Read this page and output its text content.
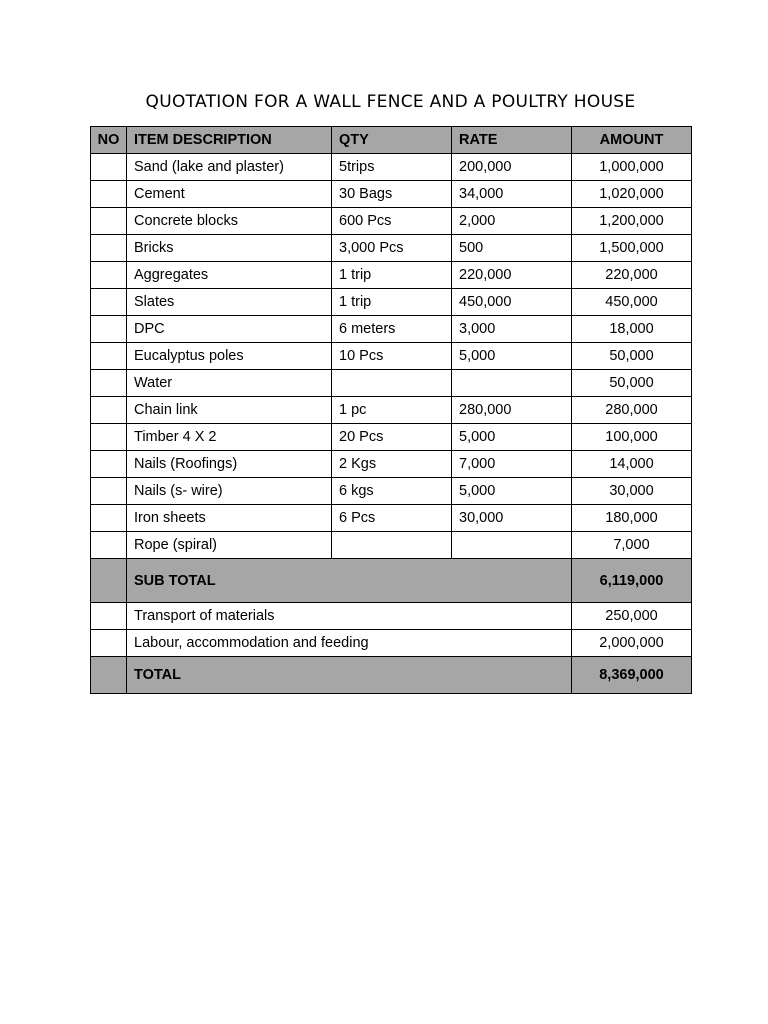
QUOTATION FOR A WALL FENCE AND A POULTRY HOUSE
NO	ITEM DESCRIPTION	QTY	RATE	AMOUNT
	Sand (lake and plaster)	5trips	200,000	1,000,000
	Cement	30 Bags	34,000	1,020,000
	Concrete blocks	600 Pcs	2,000	1,200,000
	Bricks	3,000 Pcs	500	1,500,000
	Aggregates	1 trip	220,000	220,000
	Slates	1 trip	450,000	450,000
	DPC	6 meters	3,000	18,000
	Eucalyptus poles	10 Pcs	5,000	50,000
	Water			50,000
	Chain link	1 pc	280,000	280,000
	Timber 4 X 2	20 Pcs	5,000	100,000
	Nails (Roofings)	2 Kgs	7,000	14,000
	Nails (s- wire)	6 kgs	5,000	30,000
	Iron sheets	6 Pcs	30,000	180,000
	Rope (spiral)			7,000
	SUB TOTAL			6,119,000
	Transport of materials			250,000
	Labour, accommodation and feeding			2,000,000
	TOTAL			8,369,000
